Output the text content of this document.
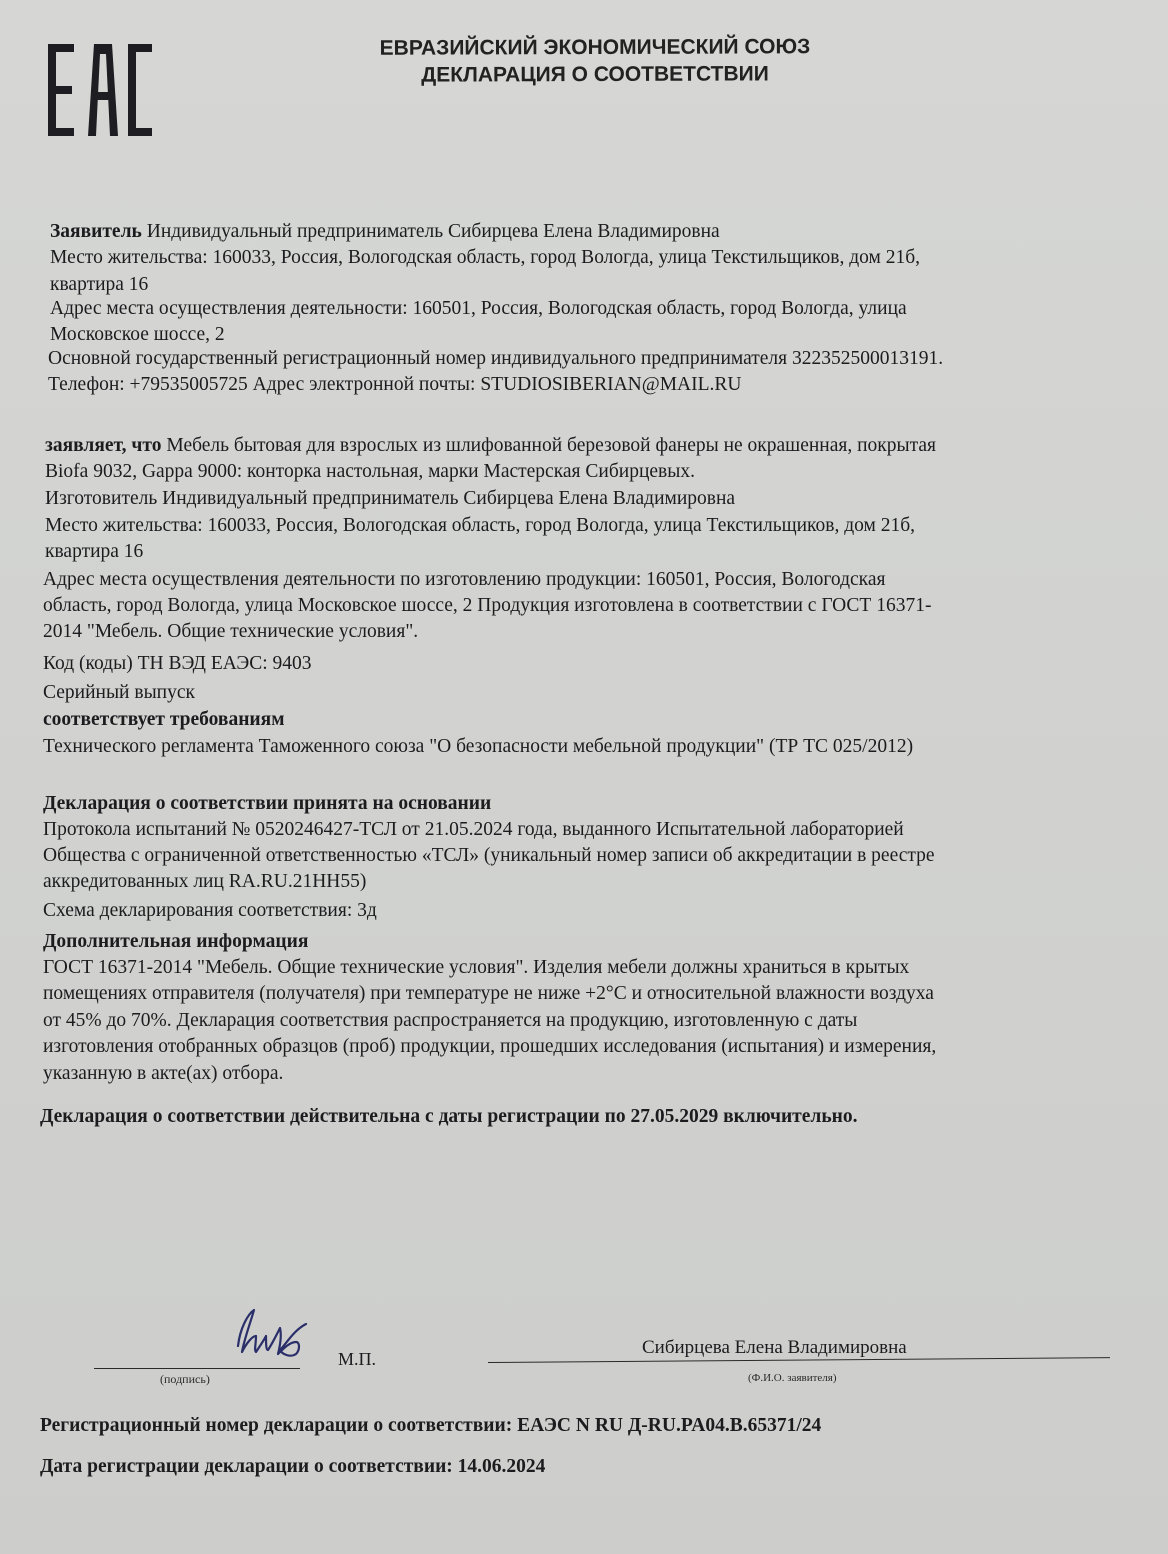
ЕВРАЗИЙСКИЙ ЭКОНОМИЧЕСКИЙ СОЮЗ
ДЕКЛАРАЦИЯ О СООТВЕТСТВИИ
Заявитель Индивидуальный предприниматель Сибирцева Елена Владимировна
Место жительства: 160033, Россия, Вологодская область, город Вологда, улица Текстильщиков, дом 21б,
квартира 16
Адрес места осуществления деятельности: 160501, Россия, Вологодская область, город Вологда, улица
Московское шоссе, 2
Основной государственный регистрационный номер индивидуального предпринимателя 322352500013191.
Телефон: +79535005725 Адрес электронной почты: STUDIOSIBERIAN@MAIL.RU
заявляет, что Мебель бытовая для взрослых из шлифованной березовой фанеры не окрашенная, покрытая
Biofa 9032, Gappa 9000: конторка настольная, марки Мастерская Сибирцевых.
Изготовитель Индивидуальный предприниматель Сибирцева Елена Владимировна
Место жительства: 160033, Россия, Вологодская область, город Вологда, улица Текстильщиков, дом 21б,
квартира 16
Адрес места осуществления деятельности по изготовлению продукции: 160501, Россия, Вологодская
область, город Вологда, улица Московское шоссе, 2 Продукция изготовлена в соответствии с ГОСТ 16371-
2014 "Мебель. Общие технические условия".
Код (коды) ТН ВЭД ЕАЭС: 9403
Серийный выпуск
соответствует требованиям
Технического регламента Таможенного союза "О безопасности мебельной продукции" (ТР ТС 025/2012)
Декларация о соответствии принята на основании
Протокола испытаний № 0520246427-ТСЛ от 21.05.2024 года, выданного Испытательной лабораторией
Общества с ограниченной ответственностью «ТСЛ» (уникальный номер записи об аккредитации в реестре
аккредитованных лиц RA.RU.21НН55)
Схема декларирования соответствия: 3д
Дополнительная информация
ГОСТ 16371-2014 "Мебель. Общие технические условия". Изделия мебели должны храниться в крытых
помещениях отправителя (получателя) при температуре не ниже +2°С и относительной влажности воздуха
от 45% до 70%. Декларация соответствия распространяется на продукцию, изготовленную с даты
изготовления отобранных образцов (проб) продукции, прошедших исследования (испытания) и измерения,
указанную в акте(ах) отбора.
Декларация о соответствии действительна с даты регистрации по 27.05.2029 включительно.
(подпись)
М.П.
Сибирцева Елена Владимировна
(Ф.И.О. заявителя)
Регистрационный номер декларации о соответствии: ЕАЭС N RU Д-RU.PA04.B.65371/24
Дата регистрации декларации о соответствии: 14.06.2024
